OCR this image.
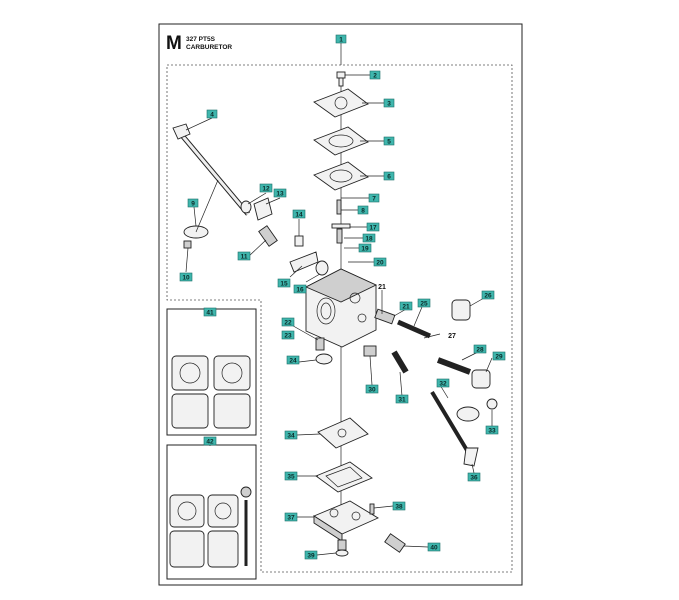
M 327 PT5S
CARBURETOR
1
2
3
5
6
7
8
9
4
12
13
10
11
14
15
16
17
18
19
20
21
21
22
23
24
25
26
27
28
29
30
31
32
33
34
35	36
37
38
39
40
41
42
